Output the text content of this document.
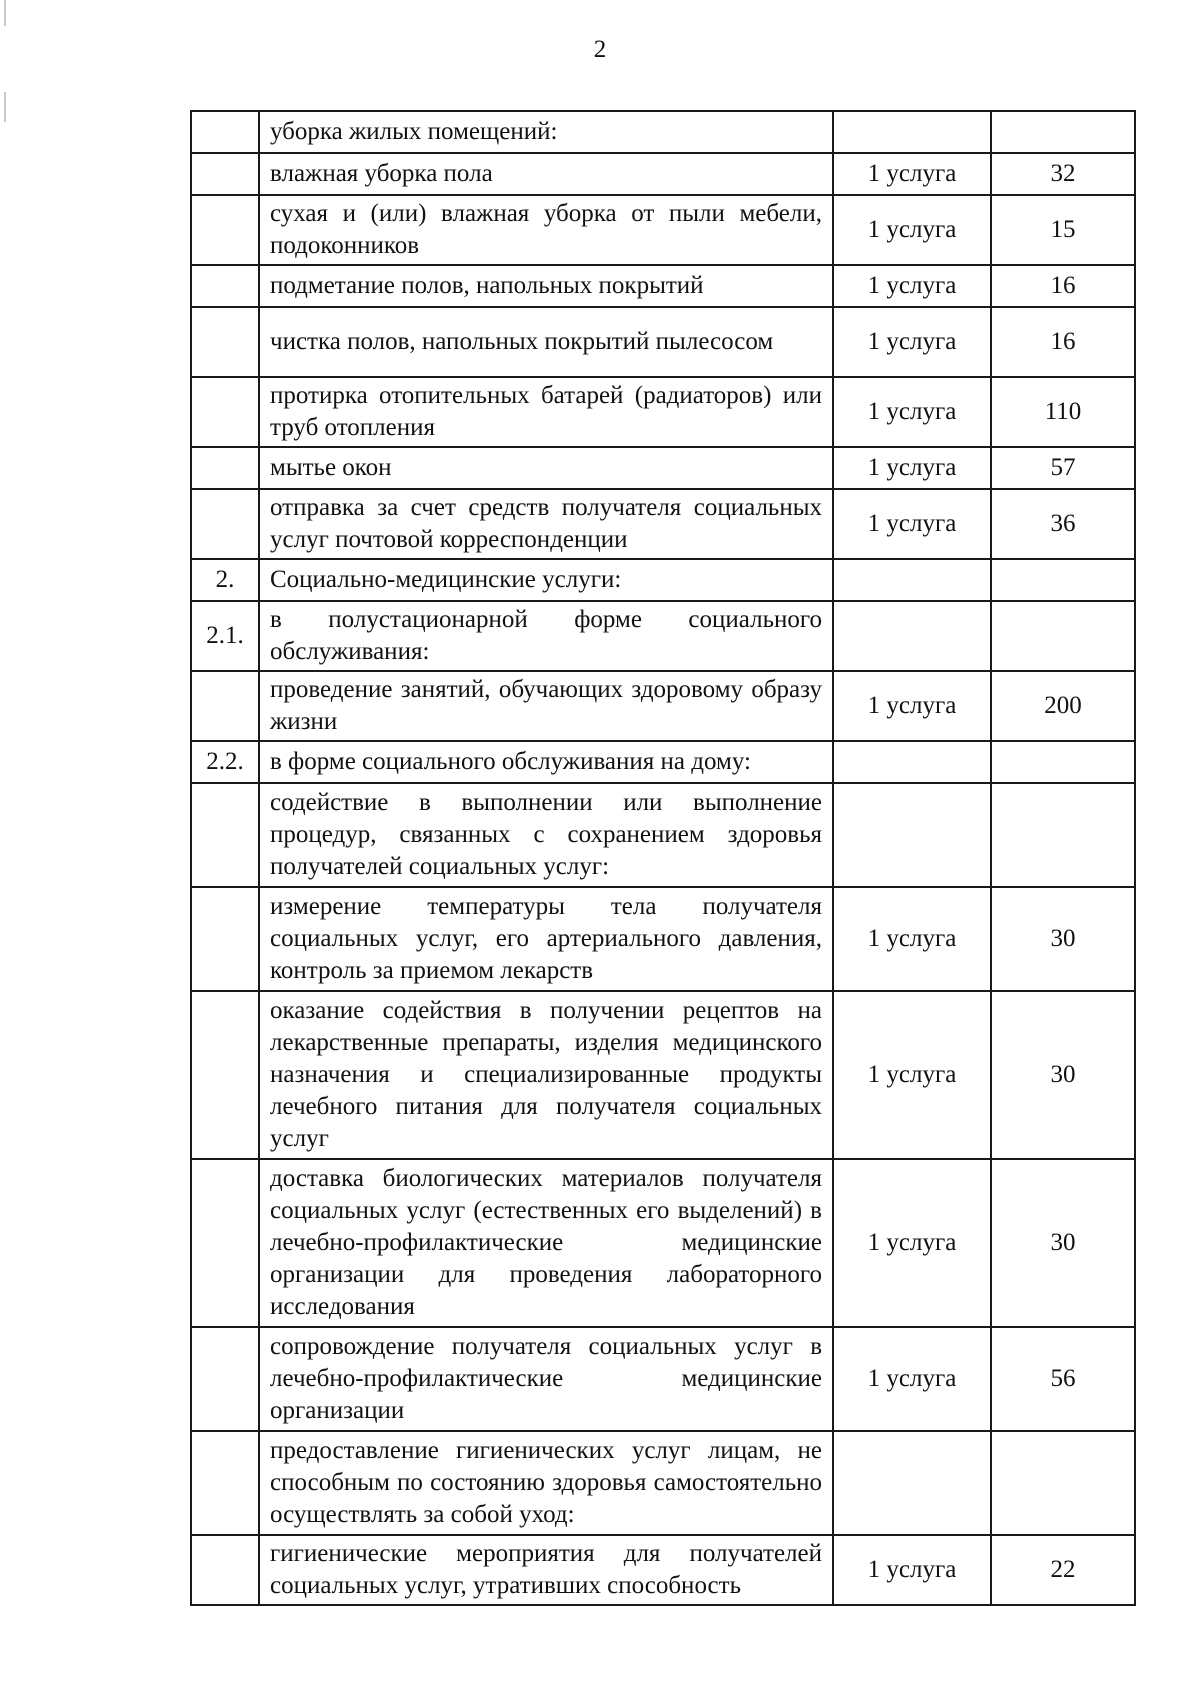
2
	уборка жилых помещений:		
	влажная уборка пола	1 услуга	32
	сухая и (или) влажная уборка от пыли мебели, подоконников	1 услуга	15
	подметание полов, напольных покрытий	1 услуга	16
	чистка полов, напольных покрытий пылесосом	1 услуга	16
	протирка отопительных батарей (радиаторов) или труб отопления	1 услуга	110
	мытье окон	1 услуга	57
	отправка за счет средств получателя социальных услуг почтовой корреспонденции	1 услуга	36
2.	Социально-медицинские услуги:		
2.1.	в полустационарной форме социального обслуживания:		
	проведение занятий, обучающих здоровому образу жизни	1 услуга	200
2.2.	в форме социального обслуживания на дому:		
	содействие в выполнении или выполнение процедур, связанных с сохранением здоровья получателей социальных услуг:		
	измерение температуры тела получателя социальных услуг, его артериального давления, контроль за приемом лекарств	1 услуга	30
	оказание содействия в получении рецептов на лекарственные препараты, изделия медицинского назначения и специализированные продукты лечебного питания для получателя социальных услуг	1 услуга	30
	доставка биологических материалов получателя социальных услуг (естественных его выделений) в лечебно-профилактические медицинские организации для проведения лабораторного исследования	1 услуга	30
	сопровождение получателя социальных услуг в лечебно-профилактические медицинские организации	1 услуга	56
	предоставление гигиенических услуг лицам, не способным по состоянию здоровья самостоятельно осуществлять за собой уход:		
	гигиенические мероприятия для получателей социальных услуг, утративших способность	1 услуга	22
